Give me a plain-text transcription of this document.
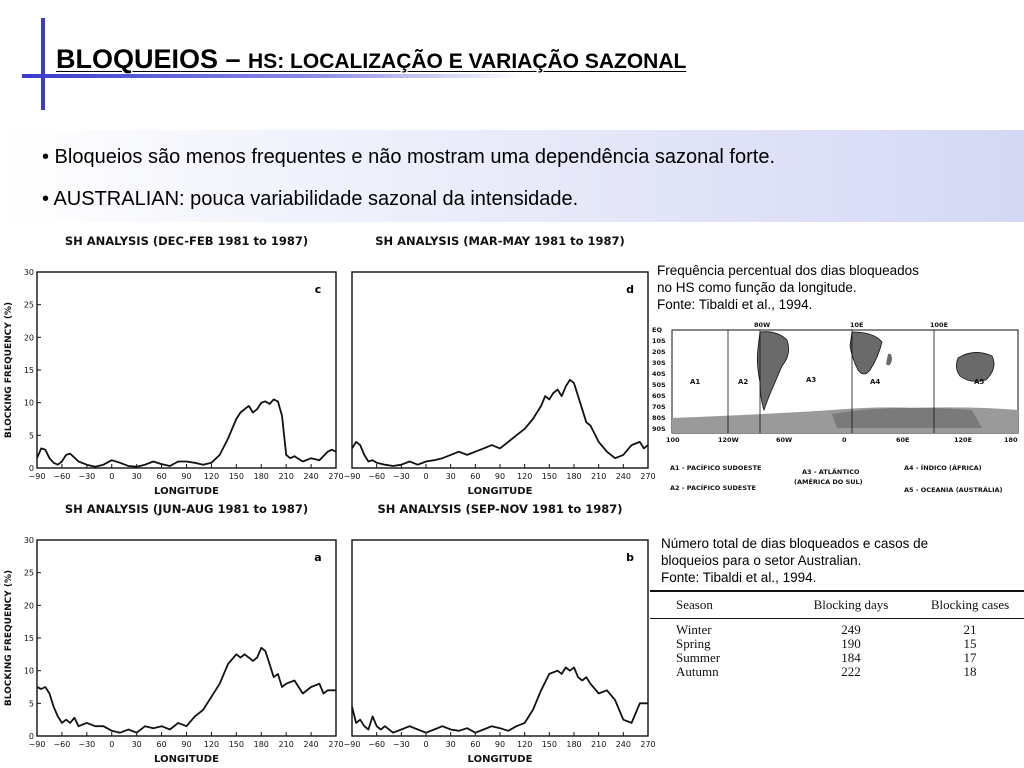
BLOQUEIOS – HS: LOCALIZAÇÃO E VARIAÇÃO SAZONAL
• Bloqueios são menos frequentes e não mostram uma dependência sazonal forte.
• AUSTRALIAN: pouca variabilidade sazonal da intensidade.
SH ANALYSIS (DEC-FEB 1981 to 1987)
c
−90 −60 −30 0 30 60 90 120 150 180 210 240 270
LONGITUDE
0
5
10
15
20
25
30
BLOCKING FREQUENCY (%)
SH ANALYSIS (MAR-MAY 1981 to 1987)
d
−90 −60 −30 0 30 60 90 120 150 180 210 240 270
LONGITUDE
SH ANALYSIS (JUN-AUG 1981 to 1987)
a
−90 −60 −30 0 30 60 90 120 150 180 210 240 270
LONGITUDE
0
5
10
15
20
25
30
BLOCKING FREQUENCY (%)
SH ANALYSIS (SEP-NOV 1981 to 1987)
b
−90 −60 −30 0 30 60 90 120 150 180 210 240 270
LONGITUDE
Frequência percentual dos dias bloqueados
no HS como função da longitude.
Fonte: Tibaldi et al., 1994.
EQ
10S
20S
30S
40S
50S
60S
70S
80S
90S
80W	10E	100E
100	120W	60W	0	60E	120E	180
A1	A2	A3	A4	A5
A1 - PACÍFICO SUDOESTE
A2 - PACÍFICO SUDESTE
A3 - ATLÂNTICO
(AMÉRICA DO SUL)
A4 - ÍNDICO (ÁFRICA)
A5 - OCEANIA (AUSTRÁLIA)
Número total de dias bloqueados e casos de
bloqueios para o setor Australian.
Fonte: Tibaldi et al., 1994.
Season	Blocking days	Blocking cases
Winter	249	21
Spring	190	15
Summer	184	17
Autumn	222	18
